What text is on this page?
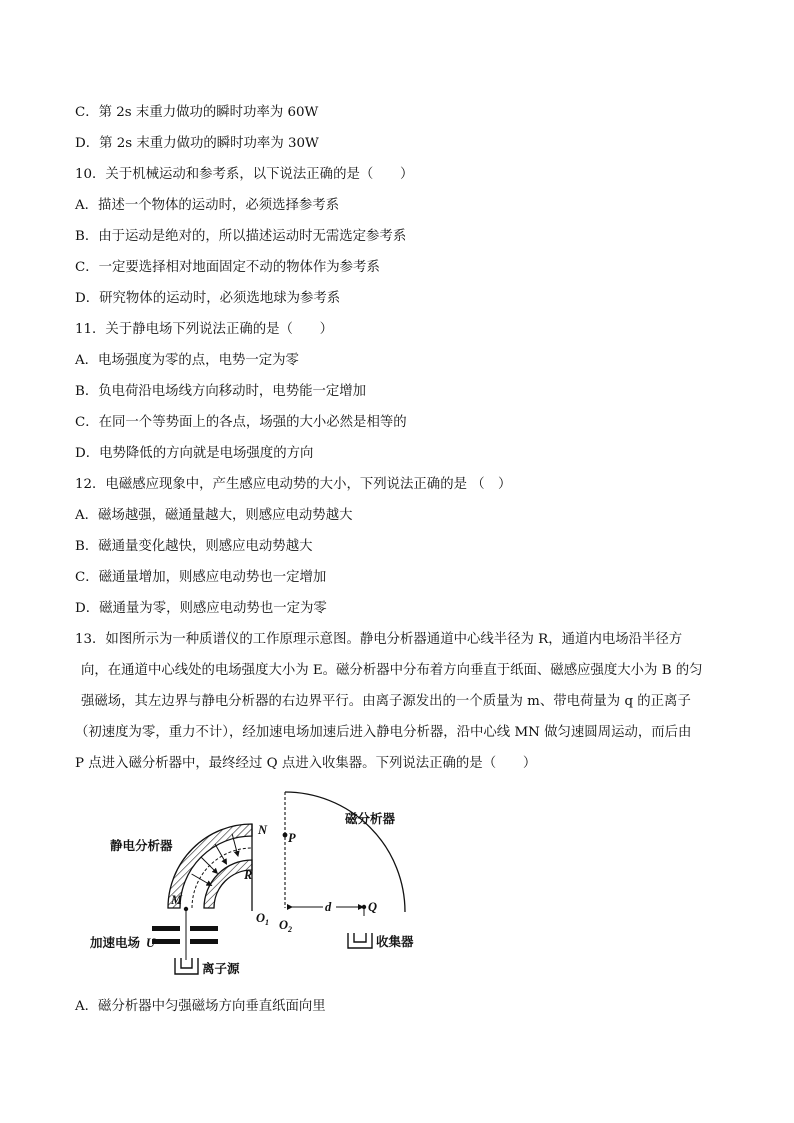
C．第 2s 末重力做功的瞬时功率为 60W
D．第 2s 末重力做功的瞬时功率为 30W
10．关于机械运动和参考系，以下说法正确的是（　　）
A．描述一个物体的运动时，必须选择参考系
B．由于运动是绝对的，所以描述运动时无需选定参考系
C．一定要选择相对地面固定不动的物体作为参考系
D．研究物体的运动时，必须选地球为参考系
11．关于静电场下列说法正确的是（　　）
A．电场强度为零的点，电势一定为零
B．负电荷沿电场线方向移动时，电势能一定增加
C．在同一个等势面上的各点，场强的大小必然是相等的
D．电势降低的方向就是电场强度的方向
12．电磁感应现象中，产生感应电动势的大小，下列说法正确的是 （　）
A．磁场越强，磁通量越大，则感应电动势越大
B．磁通量变化越快，则感应电动势越大
C．磁通量增加，则感应电动势也一定增加
D．磁通量为零，则感应电动势也一定为零
13．如图所示为一种质谱仪的工作原理示意图。静电分析器通道中心线半径为 R，通道内电场沿半径方
向，在通道中心线处的电场强度大小为 E。磁分析器中分布着方向垂直于纸面、磁感应强度大小为 B 的匀
强磁场，其左边界与静电分析器的右边界平行。由离子源发出的一个质量为 m、带电荷量为 q 的正离子
（初速度为零，重力不计），经加速电场加速后进入静电分析器，沿中心线 MN 做匀速圆周运动，而后由
P 点进入磁分析器中，最终经过 Q 点进入收集器。下列说法正确的是（　　）
静电分析器
磁分析器
加速电场
离子源
收集器
N
P
R
M
$O_1$ $O_2$
d	Q
U
A．磁分析器中匀强磁场方向垂直纸面向里
